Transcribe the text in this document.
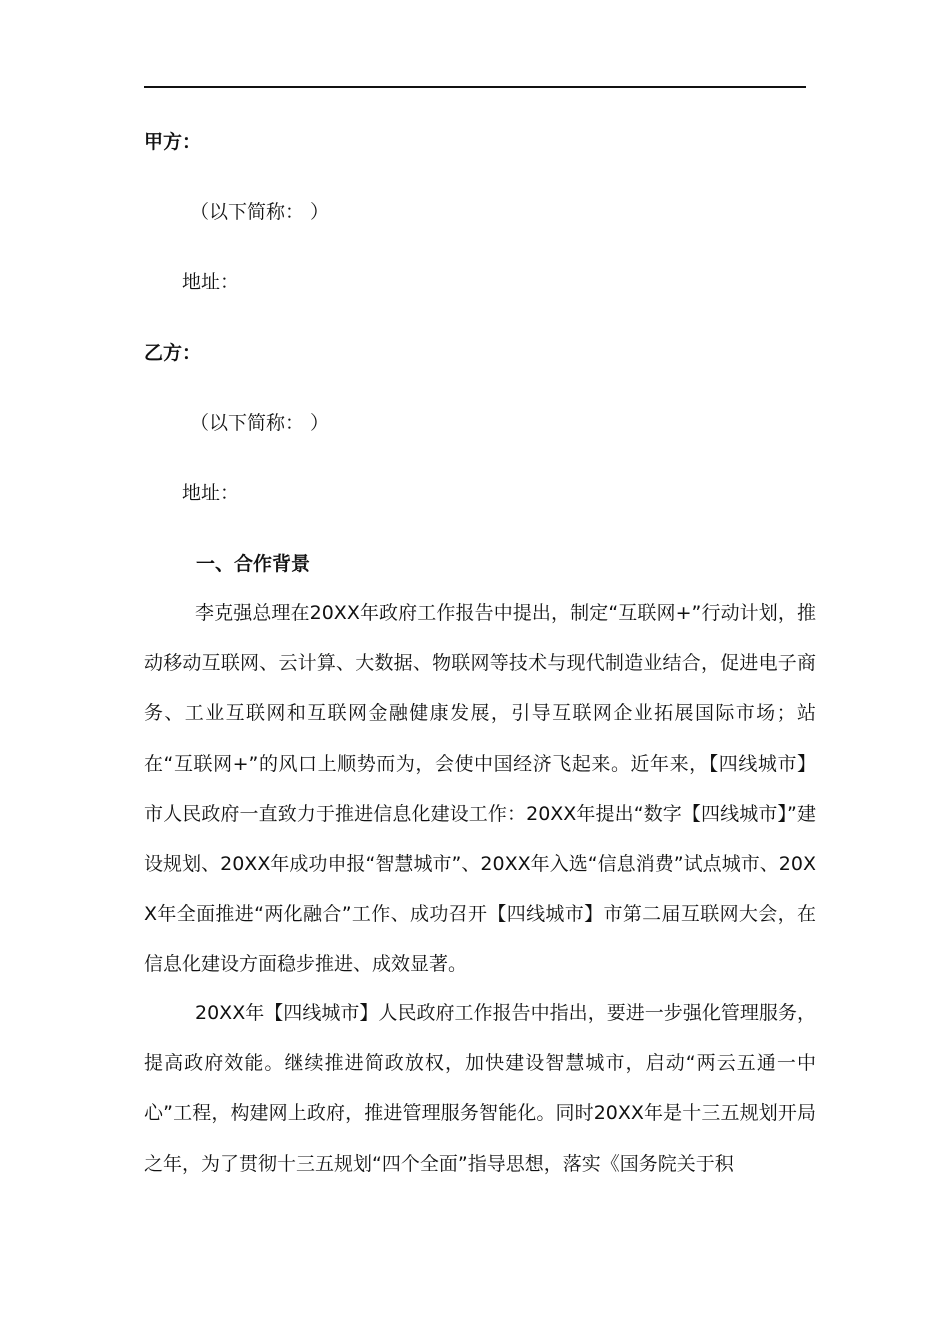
甲方：
（以下简称： ）
地址：
乙方：
（以下简称： ）
地址：
一、合作背景

李克强总理在20XX年政府工作报告中提出，制定“互联网+”行动计划，推动移动互联网、云计算、大数据、物联网等技术与现代制造业结合，促进电子商务、工业互联网和互联网金融健康发展，引导互联网企业拓展国际市场；站在“互联网+”的风口上顺势而为，会使中国经济飞起来。近年来，【四线城市】市人民政府一直致力于推进信息化建设工作：20XX年提出“数字【四线城市】”建设规划、20XX年成功申报“智慧城市”、20XX年入选“信息消费”试点城市、20XX年全面推进“两化融合”工作、成功召开【四线城市】市第二届互联网大会，在信息化建设方面稳步推进、成效显著。

20XX年【四线城市】人民政府工作报告中指出，要进一步强化管理服务，提高政府效能。继续推进简政放权，加快建设智慧城市，启动“两云五通一中心”工程，构建网上政府，推进管理服务智能化。同时20XX年是十三五规划开局之年，为了贯彻十三五规划“四个全面”指导思想，落实《国务院关于积
